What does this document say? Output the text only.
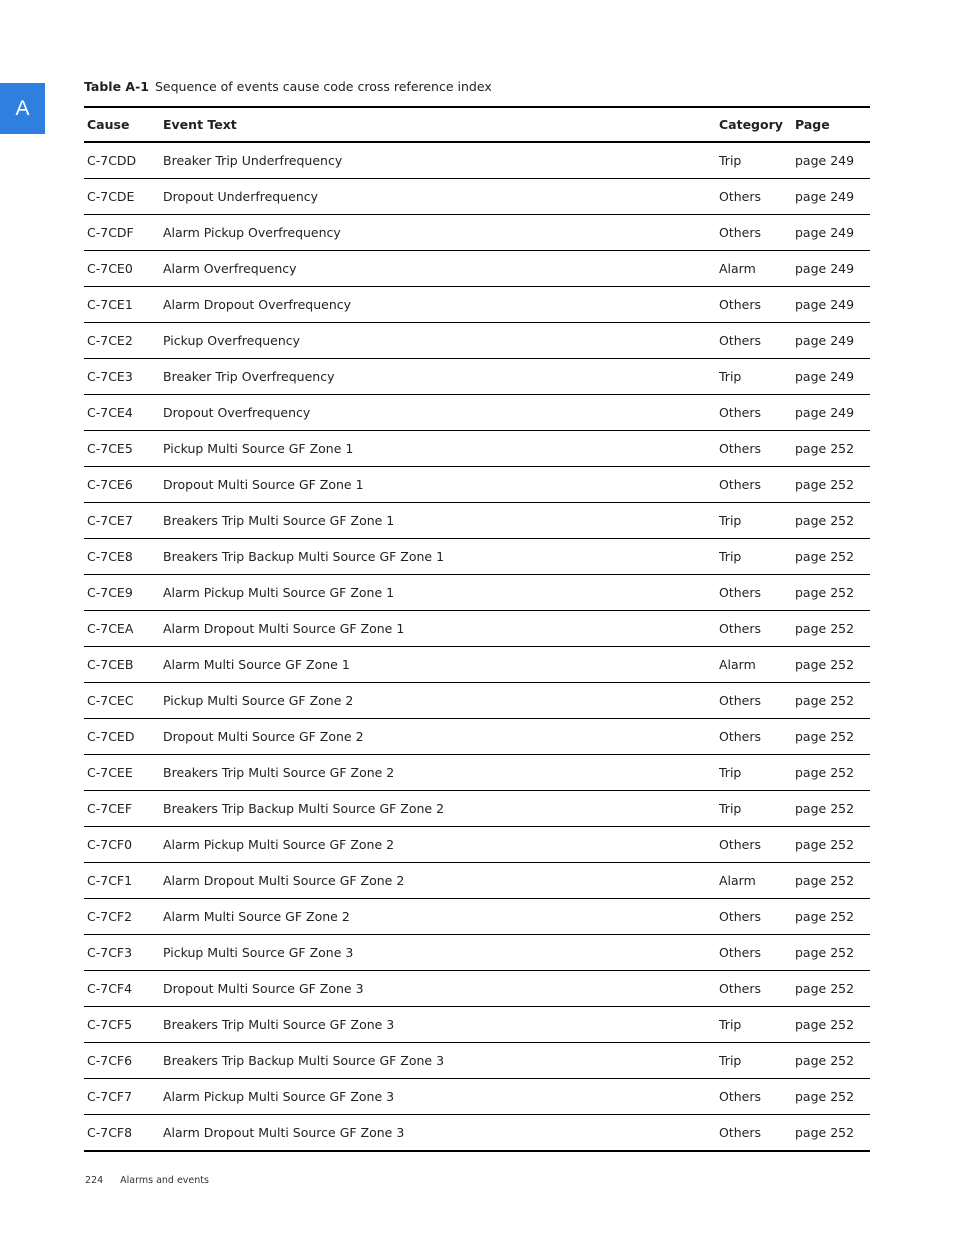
A
Table A-1 Sequence of events cause code cross reference index
Cause	Event Text	Category	Page
C-7CDD	Breaker Trip Underfrequency	Trip	page 249
C-7CDE	Dropout Underfrequency	Others	page 249
C-7CDF	Alarm Pickup Overfrequency	Others	page 249
C-7CE0	Alarm Overfrequency	Alarm	page 249
C-7CE1	Alarm Dropout Overfrequency	Others	page 249
C-7CE2	Pickup Overfrequency	Others	page 249
C-7CE3	Breaker Trip Overfrequency	Trip	page 249
C-7CE4	Dropout Overfrequency	Others	page 249
C-7CE5	Pickup Multi Source GF Zone 1	Others	page 252
C-7CE6	Dropout Multi Source GF Zone 1	Others	page 252
C-7CE7	Breakers Trip Multi Source GF Zone 1	Trip	page 252
C-7CE8	Breakers Trip Backup Multi Source GF Zone 1	Trip	page 252
C-7CE9	Alarm Pickup Multi Source GF Zone 1	Others	page 252
C-7CEA	Alarm Dropout Multi Source GF Zone 1	Others	page 252
C-7CEB	Alarm Multi Source GF Zone 1	Alarm	page 252
C-7CEC	Pickup Multi Source GF Zone 2	Others	page 252
C-7CED	Dropout Multi Source GF Zone 2	Others	page 252
C-7CEE	Breakers Trip Multi Source GF Zone 2	Trip	page 252
C-7CEF	Breakers Trip Backup Multi Source GF Zone 2	Trip	page 252
C-7CF0	Alarm Pickup Multi Source GF Zone 2	Others	page 252
C-7CF1	Alarm Dropout Multi Source GF Zone 2	Alarm	page 252
C-7CF2	Alarm Multi Source GF Zone 2	Others	page 252
C-7CF3	Pickup Multi Source GF Zone 3	Others	page 252
C-7CF4	Dropout Multi Source GF Zone 3	Others	page 252
C-7CF5	Breakers Trip Multi Source GF Zone 3	Trip	page 252
C-7CF6	Breakers Trip Backup Multi Source GF Zone 3	Trip	page 252
C-7CF7	Alarm Pickup Multi Source GF Zone 3	Others	page 252
C-7CF8	Alarm Dropout Multi Source GF Zone 3	Others	page 252
224 Alarms and events
